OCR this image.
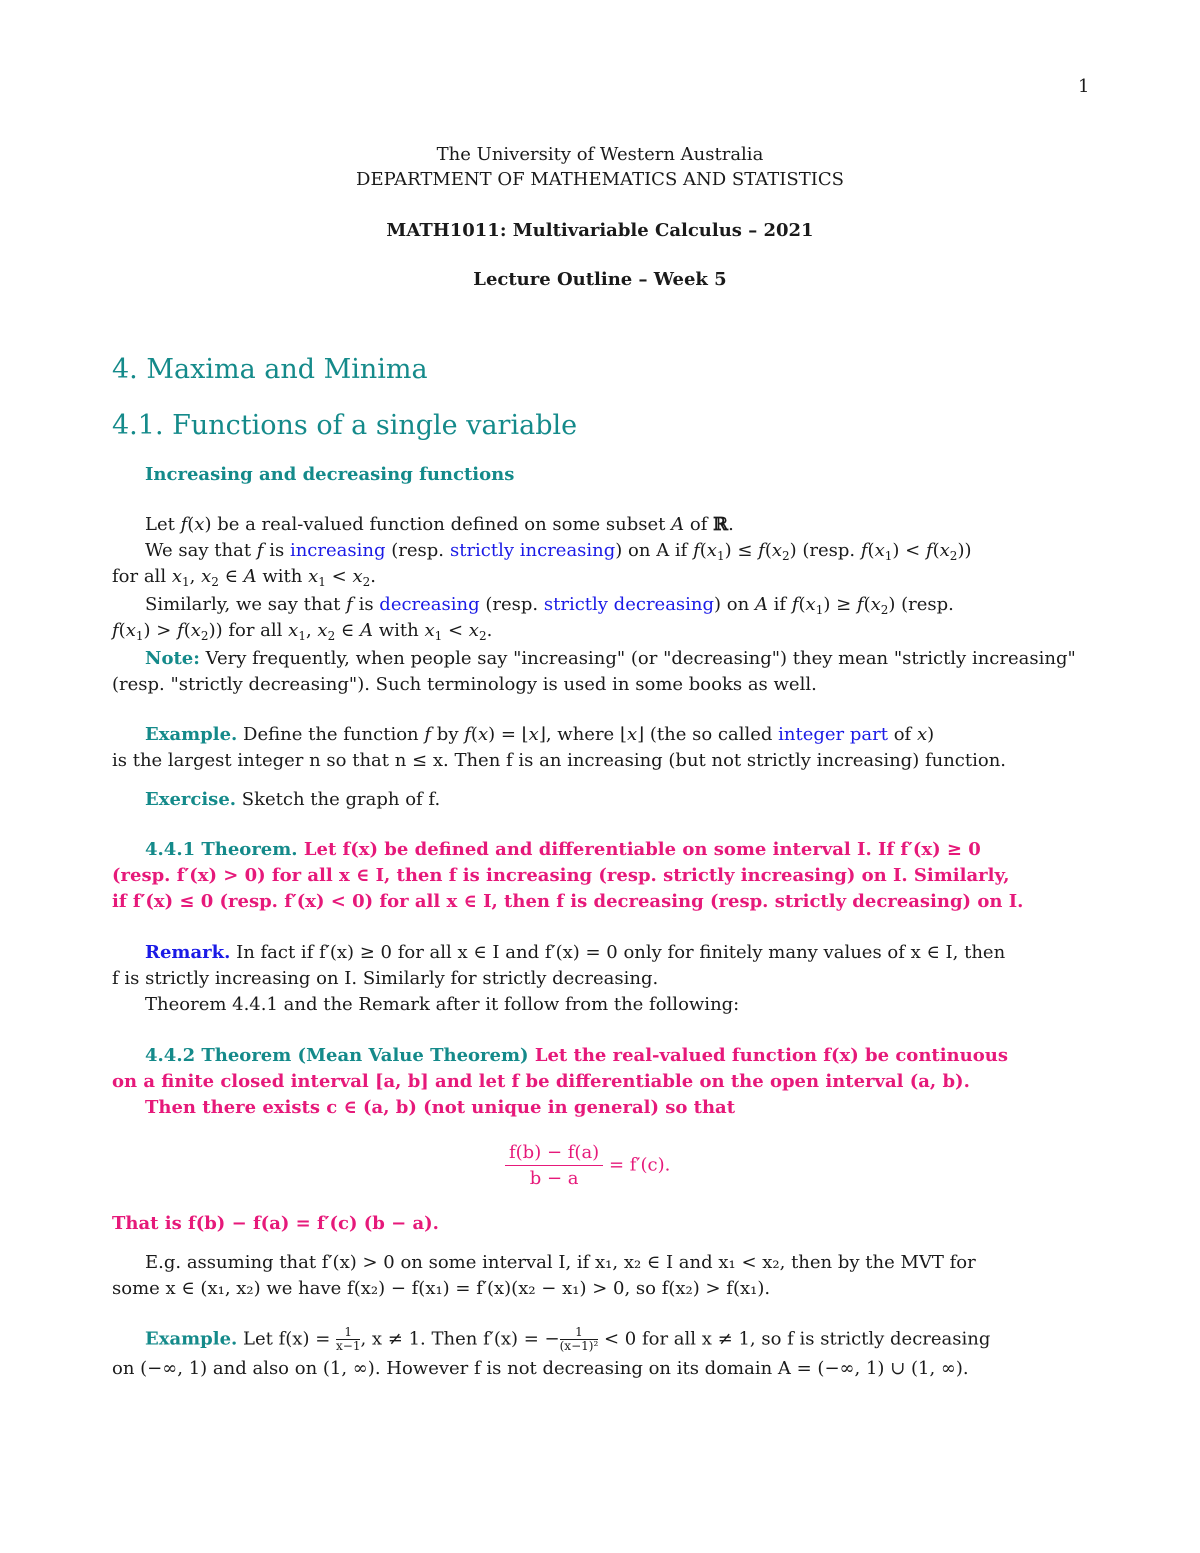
1
The University of Western Australia
DEPARTMENT OF MATHEMATICS AND STATISTICS
MATH1011: Multivariable Calculus – 2021
Lecture Outline – Week 5
4. Maxima and Minima
4.1. Functions of a single variable
Increasing and decreasing functions
Let f(x) be a real-valued function defined on some subset A of ℝ.
We say that f is increasing (resp. strictly increasing) on A if $f(x_1) \le f(x_2)$ (resp. $f(x_1) < f(x_2)$)
for all $x_1$, $x_2$ ∈ A with $x_1 < x_2$.
Similarly, we say that f is decreasing (resp. strictly decreasing) on A if $f(x_1) \ge f(x_2)$ (resp.
$f(x_1) > f(x_2)$) for all $x_1$, $x_2$ ∈ A with $x_1 < x_2$.
Note: Very frequently, when people say "increasing" (or "decreasing") they mean "strictly increasing"
(resp. "strictly decreasing"). Such terminology is used in some books as well.
Example. Define the function f by f(x) = ⌊x⌋, where ⌊x⌋ (the so called integer part of x)
is the largest integer n so that n ≤ x. Then f is an increasing (but not strictly increasing) function.
Exercise. Sketch the graph of f.
4.4.1 Theorem. Let f(x) be defined and differentiable on some interval I. If f′(x) ≥ 0
(resp. f′(x) > 0) for all x ∈ I, then f is increasing (resp. strictly increasing) on I. Similarly,
if f′(x) ≤ 0 (resp. f′(x) < 0) for all x ∈ I, then f is decreasing (resp. strictly decreasing) on I.
Remark. In fact if f′(x) ≥ 0 for all x ∈ I and f′(x) = 0 only for finitely many values of x ∈ I, then
f is strictly increasing on I. Similarly for strictly decreasing.
Theorem 4.4.1 and the Remark after it follow from the following:
4.4.2 Theorem (Mean Value Theorem) Let the real-valued function f(x) be continuous
on a finite closed interval [a, b] and let f be differentiable on the open interval (a, b).
Then there exists c ∈ (a, b) (not unique in general) so that
$\frac{f(b) - f(a)}{b - a} = f'(c)$.
That is f(b) − f(a) = f′(c) (b − a).
E.g. assuming that f′(x) > 0 on some interval I, if x₁, x₂ ∈ I and x₁ < x₂, then by the MVT for
some x ∈ (x₁, x₂) we have f(x₂) − f(x₁) = f′(x)(x₂ − x₁) > 0, so f(x₂) > f(x₁).
Example. Let $f(x) = \frac{1}{x-1}$ , x ≠ 1. Then f′(x) = − $\frac{1}{\text{(x−1)²}} < 0$ for all x ≠ 1, so f is strictly decreasing
on (−∞, 1) and also on (1, ∞). However f is not decreasing on its domain A = (−∞, 1) ∪ (1, ∞).
